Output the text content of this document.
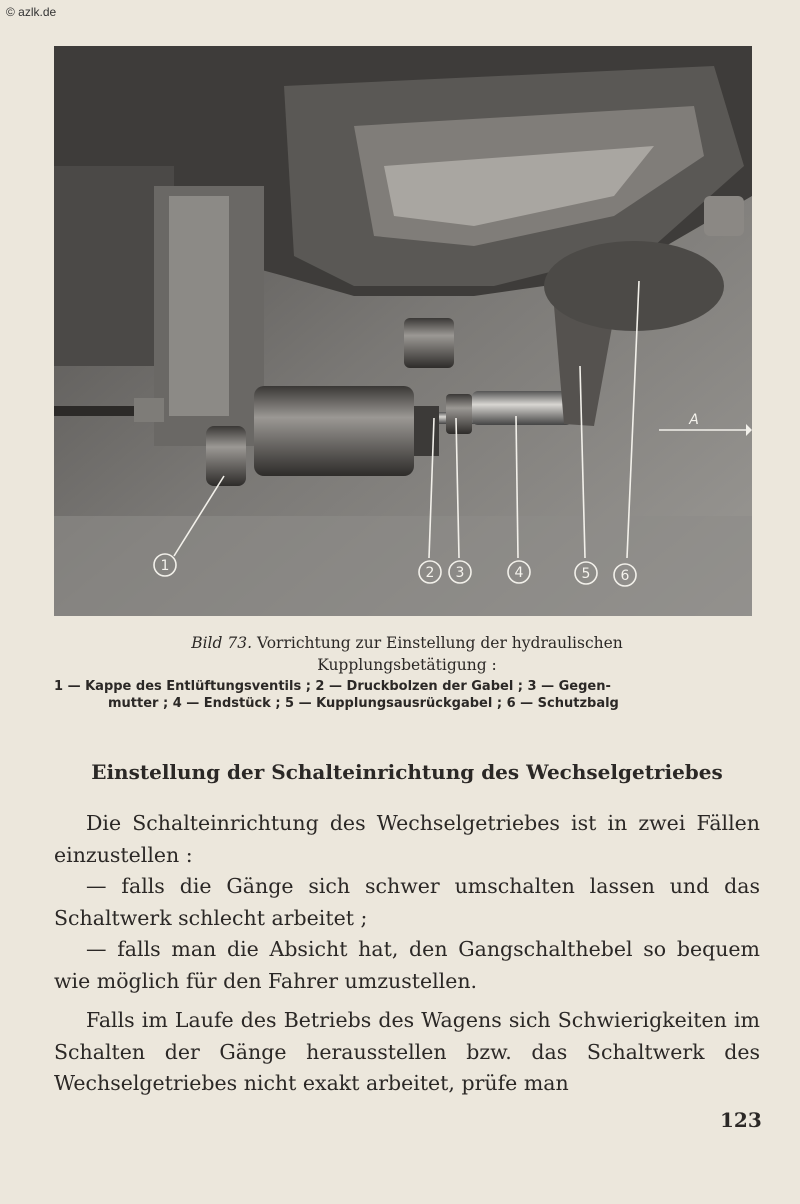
© azlk.de
1	2 3	4	5 6
A
Bild 73. Vorrichtung zur Einstellung der hydraulischen
Kupplungsbetätigung :
1 — Kappe des Entlüftungsventils ; 2 — Druckbolzen der Gabel ; 3 — Gegen-
mutter ; 4 — Endstück ; 5 — Kupplungsausrückgabel ; 6 — Schutzbalg
Einstellung der Schalteinrichtung des Wechselgetriebes

Die Schalteinrichtung des Wechselgetriebes ist in zwei Fällen einzustellen :

— falls die Gänge sich schwer umschalten lassen und das Schaltwerk schlecht arbeitet ;

— falls man die Absicht hat, den Gangschalthebel so bequem wie möglich für den Fahrer umzustellen.

Falls im Laufe des Betriebs des Wagens sich Schwierigkeiten im Schalten der Gänge herausstellen bzw. das Schaltwerk des Wechselgetriebes nicht exakt arbeitet, prüfe man

123
